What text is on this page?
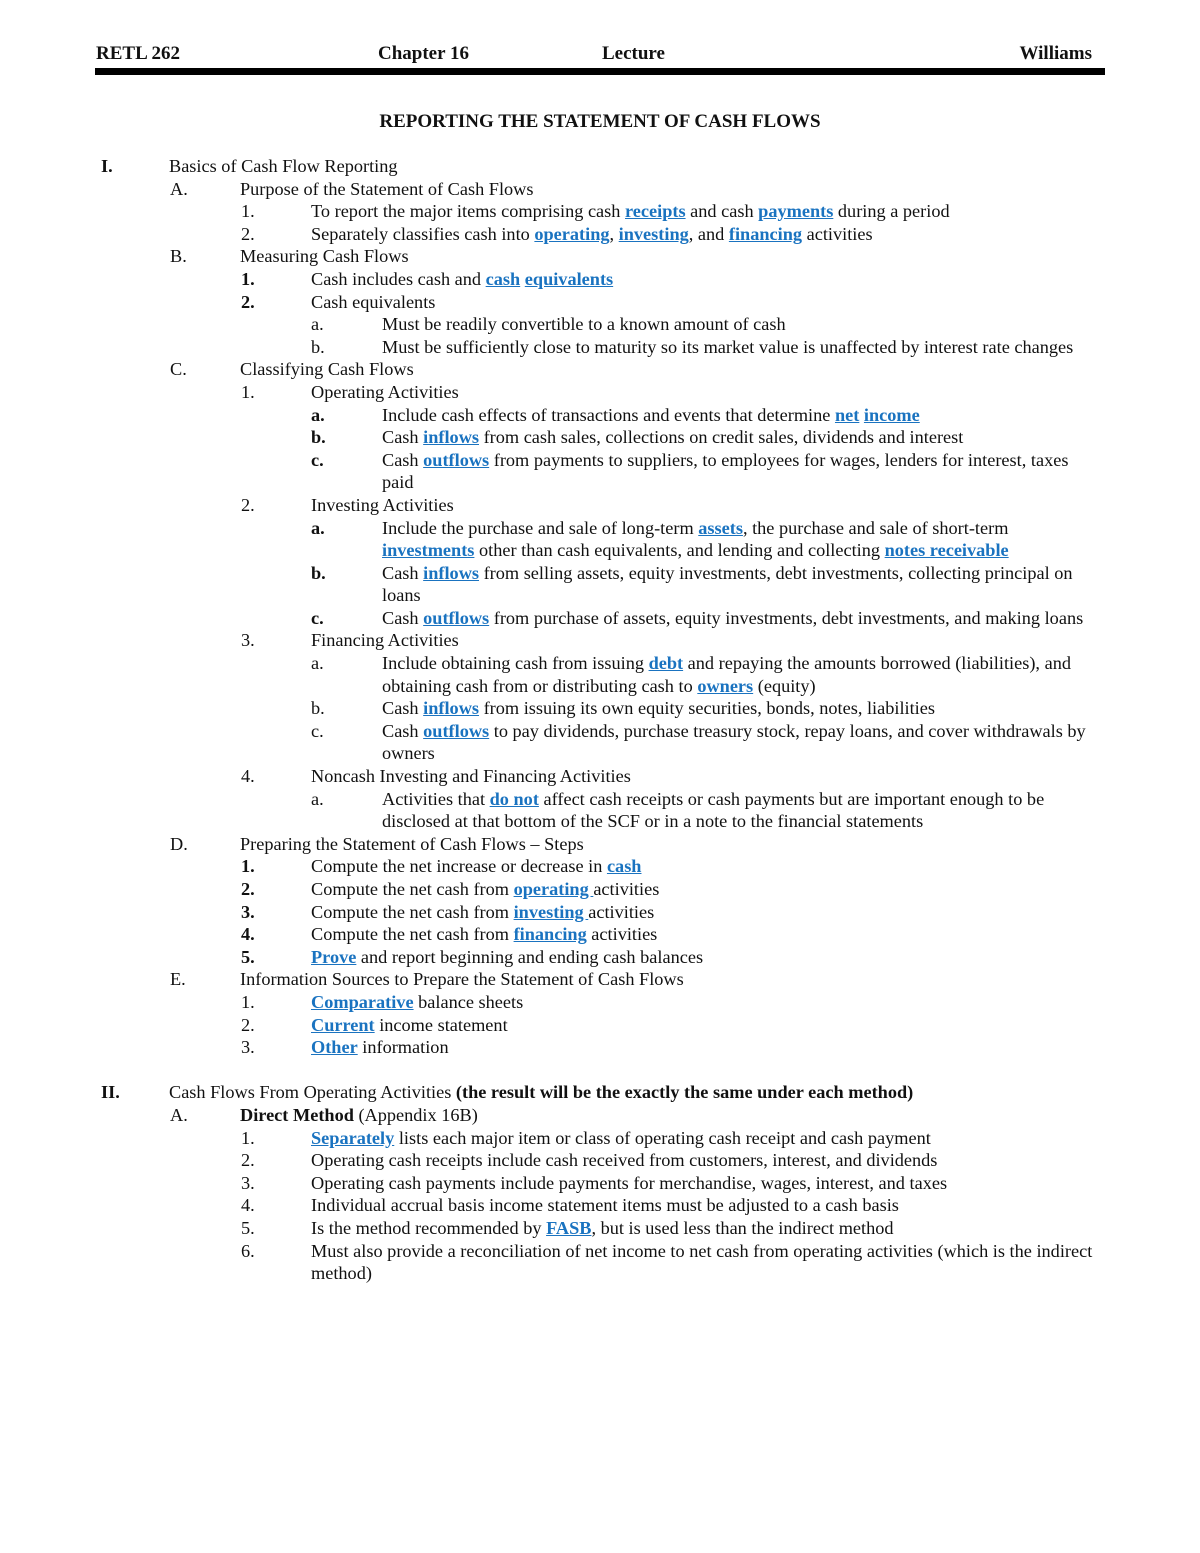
RETL 262	Chapter 16	Lecture	Williams
REPORTING THE STATEMENT OF CASH FLOWS
I.	Basics of Cash Flow Reporting
A.	Purpose of the Statement of Cash Flows
1.	To report the major items comprising cash receipts and cash payments during a period
2.	Separately classifies cash into operating, investing, and financing activities
B.	Measuring Cash Flows
1.	Cash includes cash and cash equivalents
2.	Cash equivalents
a.	Must be readily convertible to a known amount of cash
b.	Must be sufficiently close to maturity so its market value is unaffected by interest rate changes
C.	Classifying Cash Flows
1.	Operating Activities
a.	Include cash effects of transactions and events that determine net income
b.	Cash inflows from cash sales, collections on credit sales, dividends and interest
c.	Cash outflows from payments to suppliers, to employees for wages, lenders for interest, taxes paid
2.	Investing Activities
a.	Include the purchase and sale of long-term assets, the purchase and sale of short-term investments other than cash equivalents, and lending and collecting notes receivable
b.	Cash inflows from selling assets, equity investments, debt investments, collecting principal on loans
c.	Cash outflows from purchase of assets, equity investments, debt investments, and making loans
3.	Financing Activities
a.	Include obtaining cash from issuing debt and repaying the amounts borrowed (liabilities), and obtaining cash from or distributing cash to owners (equity)
b.	Cash inflows from issuing its own equity securities, bonds, notes, liabilities
c.	Cash outflows to pay dividends, purchase treasury stock, repay loans, and cover withdrawals by owners
4.	Noncash Investing and Financing Activities
a.	Activities that do not affect cash receipts or cash payments but are important enough to be disclosed at that bottom of the SCF or in a note to the financial statements
D.	Preparing the Statement of Cash Flows – Steps
1.	Compute the net increase or decrease in cash
2.	Compute the net cash from operating activities
3.	Compute the net cash from investing activities
4.	Compute the net cash from financing activities
5.	Prove and report beginning and ending cash balances
E.	Information Sources to Prepare the Statement of Cash Flows
1.	Comparative balance sheets
2.	Current income statement
3.	Other information
II.	Cash Flows From Operating Activities (the result will be the exactly the same under each method)
A.	Direct Method (Appendix 16B)
1.	Separately lists each major item or class of operating cash receipt and cash payment
2.	Operating cash receipts include cash received from customers, interest, and dividends
3.	Operating cash payments include payments for merchandise, wages, interest, and taxes
4.	Individual accrual basis income statement items must be adjusted to a cash basis
5.	Is the method recommended by FASB, but is used less than the indirect method
6.	Must also provide a reconciliation of net income to net cash from operating activities (which is the indirect method)
